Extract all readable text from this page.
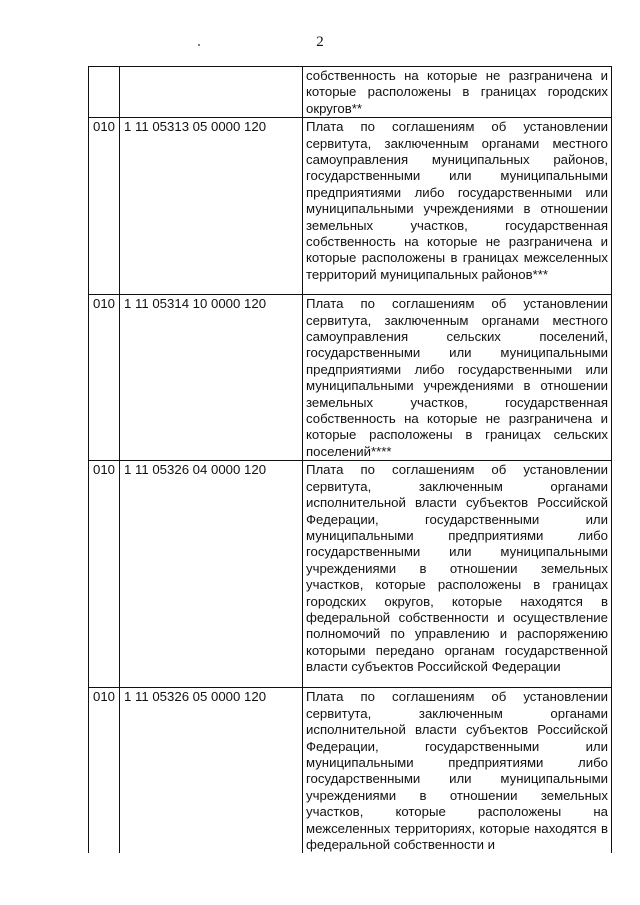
2
		собственность на которые не разграничена и которые расположены в границах городских округов**
010	1 11 05313 05 0000 120	Плата по соглашениям об установлении сервитута, заключенным органами местного самоуправления муниципальных районов, государственными или муниципальными предприятиями либо государственными или муниципальными учреждениями в отношении земельных участков, государственная собственность на которые не разграничена и которые расположены в границах межселенных территорий муниципальных районов***
010	1 11 05314 10 0000 120	Плата по соглашениям об установлении сервитута, заключенным органами местного самоуправления сельских поселений, государственными или муниципальными предприятиями либо государственными или муниципальными учреждениями в отношении земельных участков, государственная собственность на которые не разграничена и которые расположены в границах сельских поселений****
010	1 11 05326 04 0000 120	Плата по соглашениям об установлении сервитута, заключенным органами исполнительной власти субъектов Российской Федерации, государственными или муниципальными предприятиями либо государственными или муниципальными учреждениями в отношении земельных участков, которые расположены в границах городских округов, которые находятся в федеральной собственности и осуществление полномочий по управлению и распоряжению которыми передано органам государственной власти субъектов Российской Федерации
010	1 11 05326 05 0000 120	Плата по соглашениям об установлении сервитута, заключенным органами исполнительной власти субъектов Российской Федерации, государственными или муниципальными предприятиями либо государственными или муниципальными учреждениями в отношении земельных участков, которые расположены на межселенных территориях, которые находятся в федеральной собственности и
